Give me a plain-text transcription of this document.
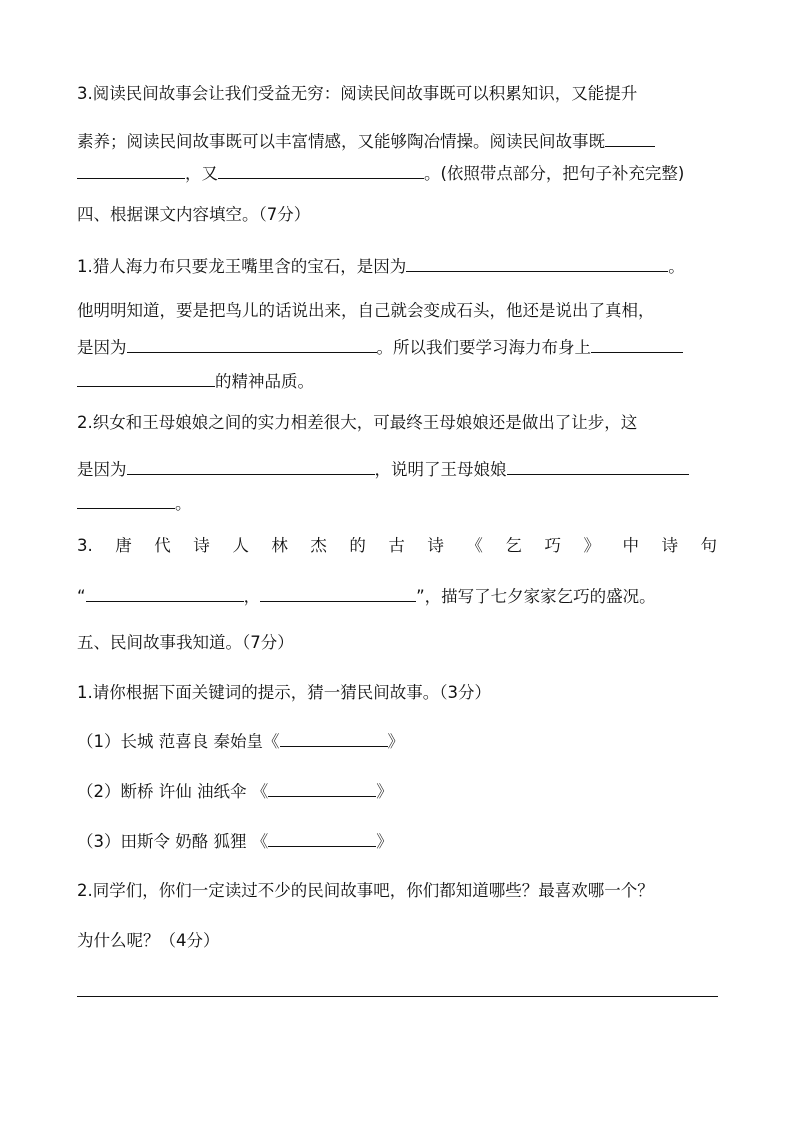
3.阅读民间故事会让我们受益无穷：阅读民间故事既可以积累知识，又能提升
素养；阅读民间故事既可以丰富情感，又能够陶冶情操。阅读民间故事既
，又	。(依照带点部分，把句子补充完整)
四、根据课文内容填空。（7分）
1.猎人海力布只要龙王嘴里含的宝石，是因为	。
他明明知道，要是把鸟儿的话说出来，自己就会变成石头，他还是说出了真相，
是因为	。所以我们要学习海力布身上
的精神品质。
2.织女和王母娘娘之间的实力相差很大，可最终王母娘娘还是做出了让步，这
是因为	，说明了王母娘娘
。
3. 唐 代 诗 人 林 杰 的 古 诗 《 乞 巧 》 中 诗 句
“	，	”，描写了七夕家家乞巧的盛况。
五、民间故事我知道。（7分）
1.请你根据下面关键词的提示，猜一猜民间故事。（3分）
（1）长城 范喜良 秦始皇《	》
（2）断桥 许仙 油纸伞 《	》
（3）田斯令 奶酪 狐狸 《	》
2.同学们，你们一定读过不少的民间故事吧，你们都知道哪些？最喜欢哪一个？
为什么呢？（4分）
